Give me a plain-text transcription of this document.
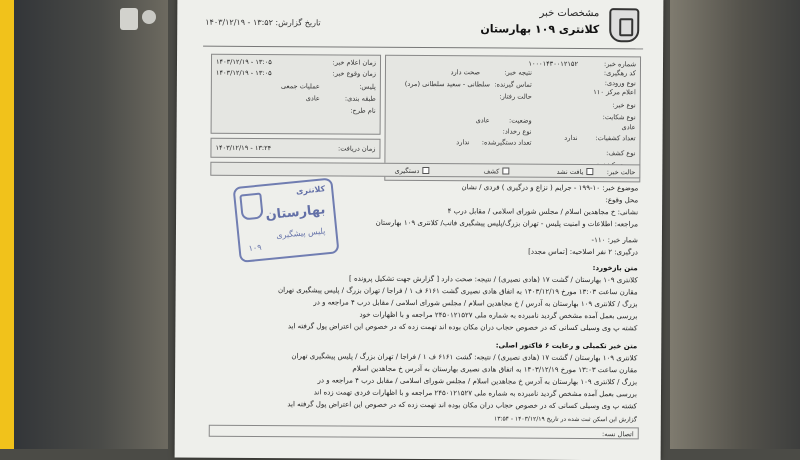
مشخصات خبر
کلانتری ۱۰۹ بهارستان
تاریخ گزارش: ۱۳:۵۲ - ۱۴۰۳/۱۲/۱۹
شماره خبر:
۱۰۰۰۱۴۳۰۰۱۲۱۵۲
کد رهگیری:
نتیجه خبر:
صحت دارد
نوع ورودی:
اعلام مرکز ۱۱۰
تماس گیرنده:
سلطانی - سعید سلطانی (مرد)
نوع خبر:
حالت رفتار:
نوع شکایت:
عادی
وضعیت:
عادی
نوع رخداد:
تعداد کشفیات:
ندارد
تعداد دستگیرشده:
ندارد
نوع کشف:
زمان اعلام خبر:
۱۴۰۳/۱۲/۱۹ - ۱۳:۰۵
زمان وقوع خبر:
۱۴۰۳/۱۲/۱۹ - ۱۳:۰۵
پلیس:
عملیات جمعی
طبقه بندی:
عادی
نام طرح:
زمان دریافت:
۱۴۰۳/۱۲/۱۹ - ۱۳:۲۴
حالت خبر:
یافت نشد
کشف
دستگیری
موضوع خبر: ۱۰-۱۹۹ - جرایم ( نزاع و درگیری ) فردی / نشان
محل وقوع:
نشانی: خ مجاهدین اسلام / مجلس شورای اسلامی / مقابل درب ۴
مراجعه: اطلاعات و امنیت پلیس - تهران بزرگ/پلیس پیشگیری فاتب/ کلانتری ۱۰۹ بهارستان
شمار خبر: ۱۱۰-
درگیری: ۲ نفر اصلاحیه: [تماس مجدد]
کلانتری
بهارستان
پلیس پیشگیری
۱۰۹
متن بازخورد:
کلانتری ۱۰۹ بهارستان / گشت ۱۷ (هادی نصیری) / نتیجه: صحت دارد [ گزارش جهت تشکیل پرونده ]
مقارن ساعت ۱۳:۰۳ مورخ ۱۴۰۳/۱۲/۱۹ به اتفاق هادی نصیری گشت ۶۱۶۱ ف ۱ / فراجا / تهران بزرگ / پلیس پیشگیری تهران
بزرگ / کلانتری ۱۰۹ بهارستان به آدرس / خ مجاهدین اسلام / مجلس شورای اسلامی / مقابل درب ۴ مراجعه و در
بررسی بعمل آمده مشخص گردید نامبرده به شماره ملی ۲۴۵۰۱۲۱۵۲۷ مراجعه و با اظهارات خود
کشته پ وی وسیلی کسانی که در خصوص حجاب دران مکان بوده اند تهمت زده که در خصوص این اعتراض پول گرفته اید
متن خبر تکمیلی و رعایت ۶ فاکتور اصلی:
کلانتری ۱۰۹ بهارستان / گشت ۱۷ (هادی نصیری) / نتیجه: گشت ۶۱۶۱ ف ۱ / فراجا / تهران بزرگ / پلیس پیشگیری تهران
مقارن ساعت ۱۳:۰۳ مورخ ۱۴۰۳/۱۲/۱۹ به اتفاق هادی نصیری بهارستان به آدرس خ مجاهدین اسلام
بزرگ / کلانتری ۱۰۹ بهارستان به آدرس خ مجاهدین اسلام / مجلس شورای اسلامی / مقابل درب ۴ مراجعه و در
بررسی بعمل آمده مشخص گردید نامبرده به شماره ملی ۲۴۵۰۱۲۱۵۲۷ مراجعه و با اظهارات فردی تهمت زده اند
کشته پ وی وسیلی کسانی که در خصوص حجاب دران مکان بوده اند تهمت زده که در خصوص این اعتراض پول گرفته اید
گزارش این اسکن ثبت شده در تاریخ ۱۴۰۳/۱۲/۱۹ - ۱۳:۵۴
اتصال نسه:
